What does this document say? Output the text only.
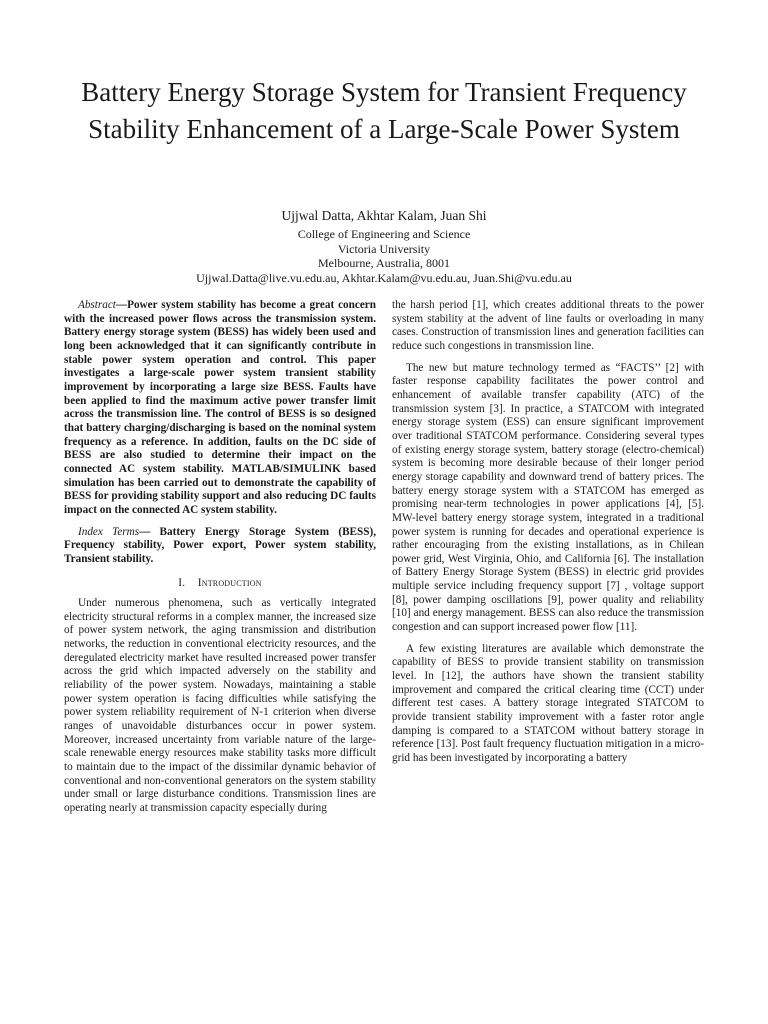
Battery Energy Storage System for Transient Frequency Stability Enhancement of a Large-Scale Power System
Ujjwal Datta, Akhtar Kalam, Juan Shi
College of Engineering and Science
Victoria University
Melbourne, Australia, 8001
Ujjwal.Datta@live.vu.edu.au, Akhtar.Kalam@vu.edu.au, Juan.Shi@vu.edu.au

Abstract—Power system stability has become a great concern with the increased power flows across the transmission system. Battery energy storage system (BESS) has widely been used and long been acknowledged that it can significantly contribute in stable power system operation and control. This paper investigates a large-scale power system transient stability improvement by incorporating a large size BESS. Faults have been applied to find the maximum active power transfer limit across the transmission line. The control of BESS is so designed that battery charging/discharging is based on the nominal system frequency as a reference. In addition, faults on the DC side of BESS are also studied to determine their impact on the connected AC system stability. MATLAB/SIMULINK based simulation has been carried out to demonstrate the capability of BESS for providing stability support and also reducing DC faults impact on the connected AC system stability.

Index Terms— Battery Energy Storage System (BESS), Frequency stability, Power export, Power system stability, Transient stability.

I. Introduction

Under numerous phenomena, such as vertically integrated electricity structural reforms in a complex manner, the increased size of power system network, the aging transmission and distribution networks, the reduction in conventional electricity resources, and the deregulated electricity market have resulted increased power transfer across the grid which impacted adversely on the stability and reliability of the power system. Nowadays, maintaining a stable power system operation is facing difficulties while satisfying the power system reliability requirement of N-1 criterion when diverse ranges of unavoidable disturbances occur in power system. Moreover, increased uncertainty from variable nature of the large-scale renewable energy resources make stability tasks more difficult to maintain due to the impact of the dissimilar dynamic behavior of conventional and non-conventional generators on the system stability under small or large disturbance conditions. Transmission lines are operating nearly at transmission capacity especially during

the harsh period [1], which creates additional threats to the power system stability at the advent of line faults or overloading in many cases. Construction of transmission lines and generation facilities can reduce such congestions in transmission line.

The new but mature technology termed as “FACTS’’ [2] with faster response capability facilitates the power control and enhancement of available transfer capability (ATC) of the transmission system [3]. In practice, a STATCOM with integrated energy storage system (ESS) can ensure significant improvement over traditional STATCOM performance. Considering several types of existing energy storage system, battery storage (electro-chemical) system is becoming more desirable because of their longer period energy storage capability and downward trend of battery prices. The battery energy storage system with a STATCOM has emerged as promising near-term technologies in power applications [4], [5]. MW-level battery energy storage system, integrated in a traditional power system is running for decades and operational experience is rather encouraging from the existing installations, as in Chilean power grid, West Virginia, Ohio, and California [6]. The installation of Battery Energy Storage System (BESS) in electric grid provides multiple service including frequency support [7] , voltage support [8], power damping oscillations [9], power quality and reliability [10] and energy management. BESS can also reduce the transmission congestion and can support increased power flow [11].

A few existing literatures are available which demonstrate the capability of BESS to provide transient stability on transmission level. In [12], the authors have shown the transient stability improvement and compared the critical clearing time (CCT) under different test cases. A battery storage integrated STATCOM to provide transient stability improvement with a faster rotor angle damping is compared to a STATCOM without battery storage in reference [13]. Post fault frequency fluctuation mitigation in a micro-grid has been investigated by incorporating a battery
